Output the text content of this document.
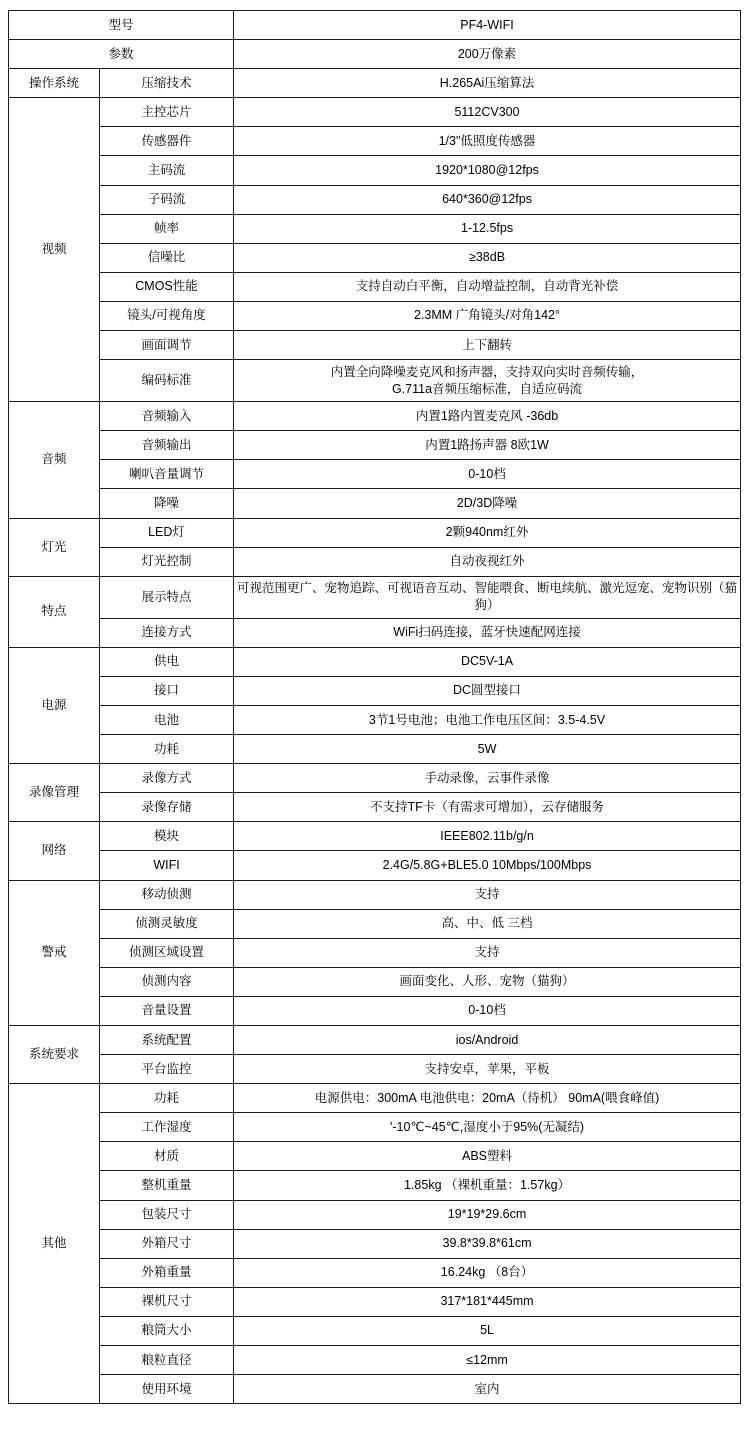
型号		PF4-WIFI
参数		200万像素
操作系统	压缩技术	H.265Ai压缩算法
视频	主控芯片	5112CV300
	传感器件	1/3"低照度传感器
	主码流	1920*1080@12fps
	子码流	640*360@12fps
	帧率	1-12.5fps
	信噪比	≥38dB
	CMOS性能	支持自动白平衡，自动增益控制，自动背光补偿
	镜头/可视角度	2.3MM 广角镜头/对角142°
	画面调节	上下翻转
	编码标准	内置全向降噪麦克风和扬声器，支持双向实时音频传输，
G.711a音频压缩标准，自适应码流
音频	音频输入	内置1路内置麦克风 -36db
	音频输出	内置1路扬声器 8欧1W
	喇叭音量调节	0-10档
	降噪	2D/3D降噪
灯光	LED灯	2颗940nm红外
	灯光控制	自动夜视红外
特点	展示特点	可视范围更广、宠物追踪、可视语音互动、智能喂食、断电续航、激光逗宠、宠物识别（猫狗）
	连接方式	WiFi扫码连接，蓝牙快速配网连接
电源	供电	DC5V-1A
	接口	DC圆型接口
	电池	3节1号电池；电池工作电压区间：3.5-4.5V
	功耗	5W
录像管理	录像方式	手动录像，云事件录像
	录像存储	不支持TF卡（有需求可增加），云存储服务
网络	模块	IEEE802.11b/g/n
	WIFI	2.4G/5.8G+BLE5.0 10Mbps/100Mbps
警戒	移动侦测	支持
	侦测灵敏度	高、中、低 三档
	侦测区域设置	支持
	侦测内容	画面变化、人形、宠物（猫狗）
	音量设置	0-10档
系统要求	系统配置	ios/Android
	平台监控	支持安卓，苹果，平板
其他	功耗	电源供电：300mA 电池供电：20mA（待机） 90mA(喂食峰值)
	工作湿度	'-10℃~45℃,湿度小于95%(无凝结)
	材质	ABS塑料
	整机重量	1.85kg （裸机重量：1.57kg）
	包装尺寸	19*19*29.6cm
	外箱尺寸	39.8*39.8*61cm
	外箱重量	16.24kg （8台）
	裸机尺寸	317*181*445mm
	粮筒大小	5L
	粮粒直径	≤12mm
	使用环境	室内
